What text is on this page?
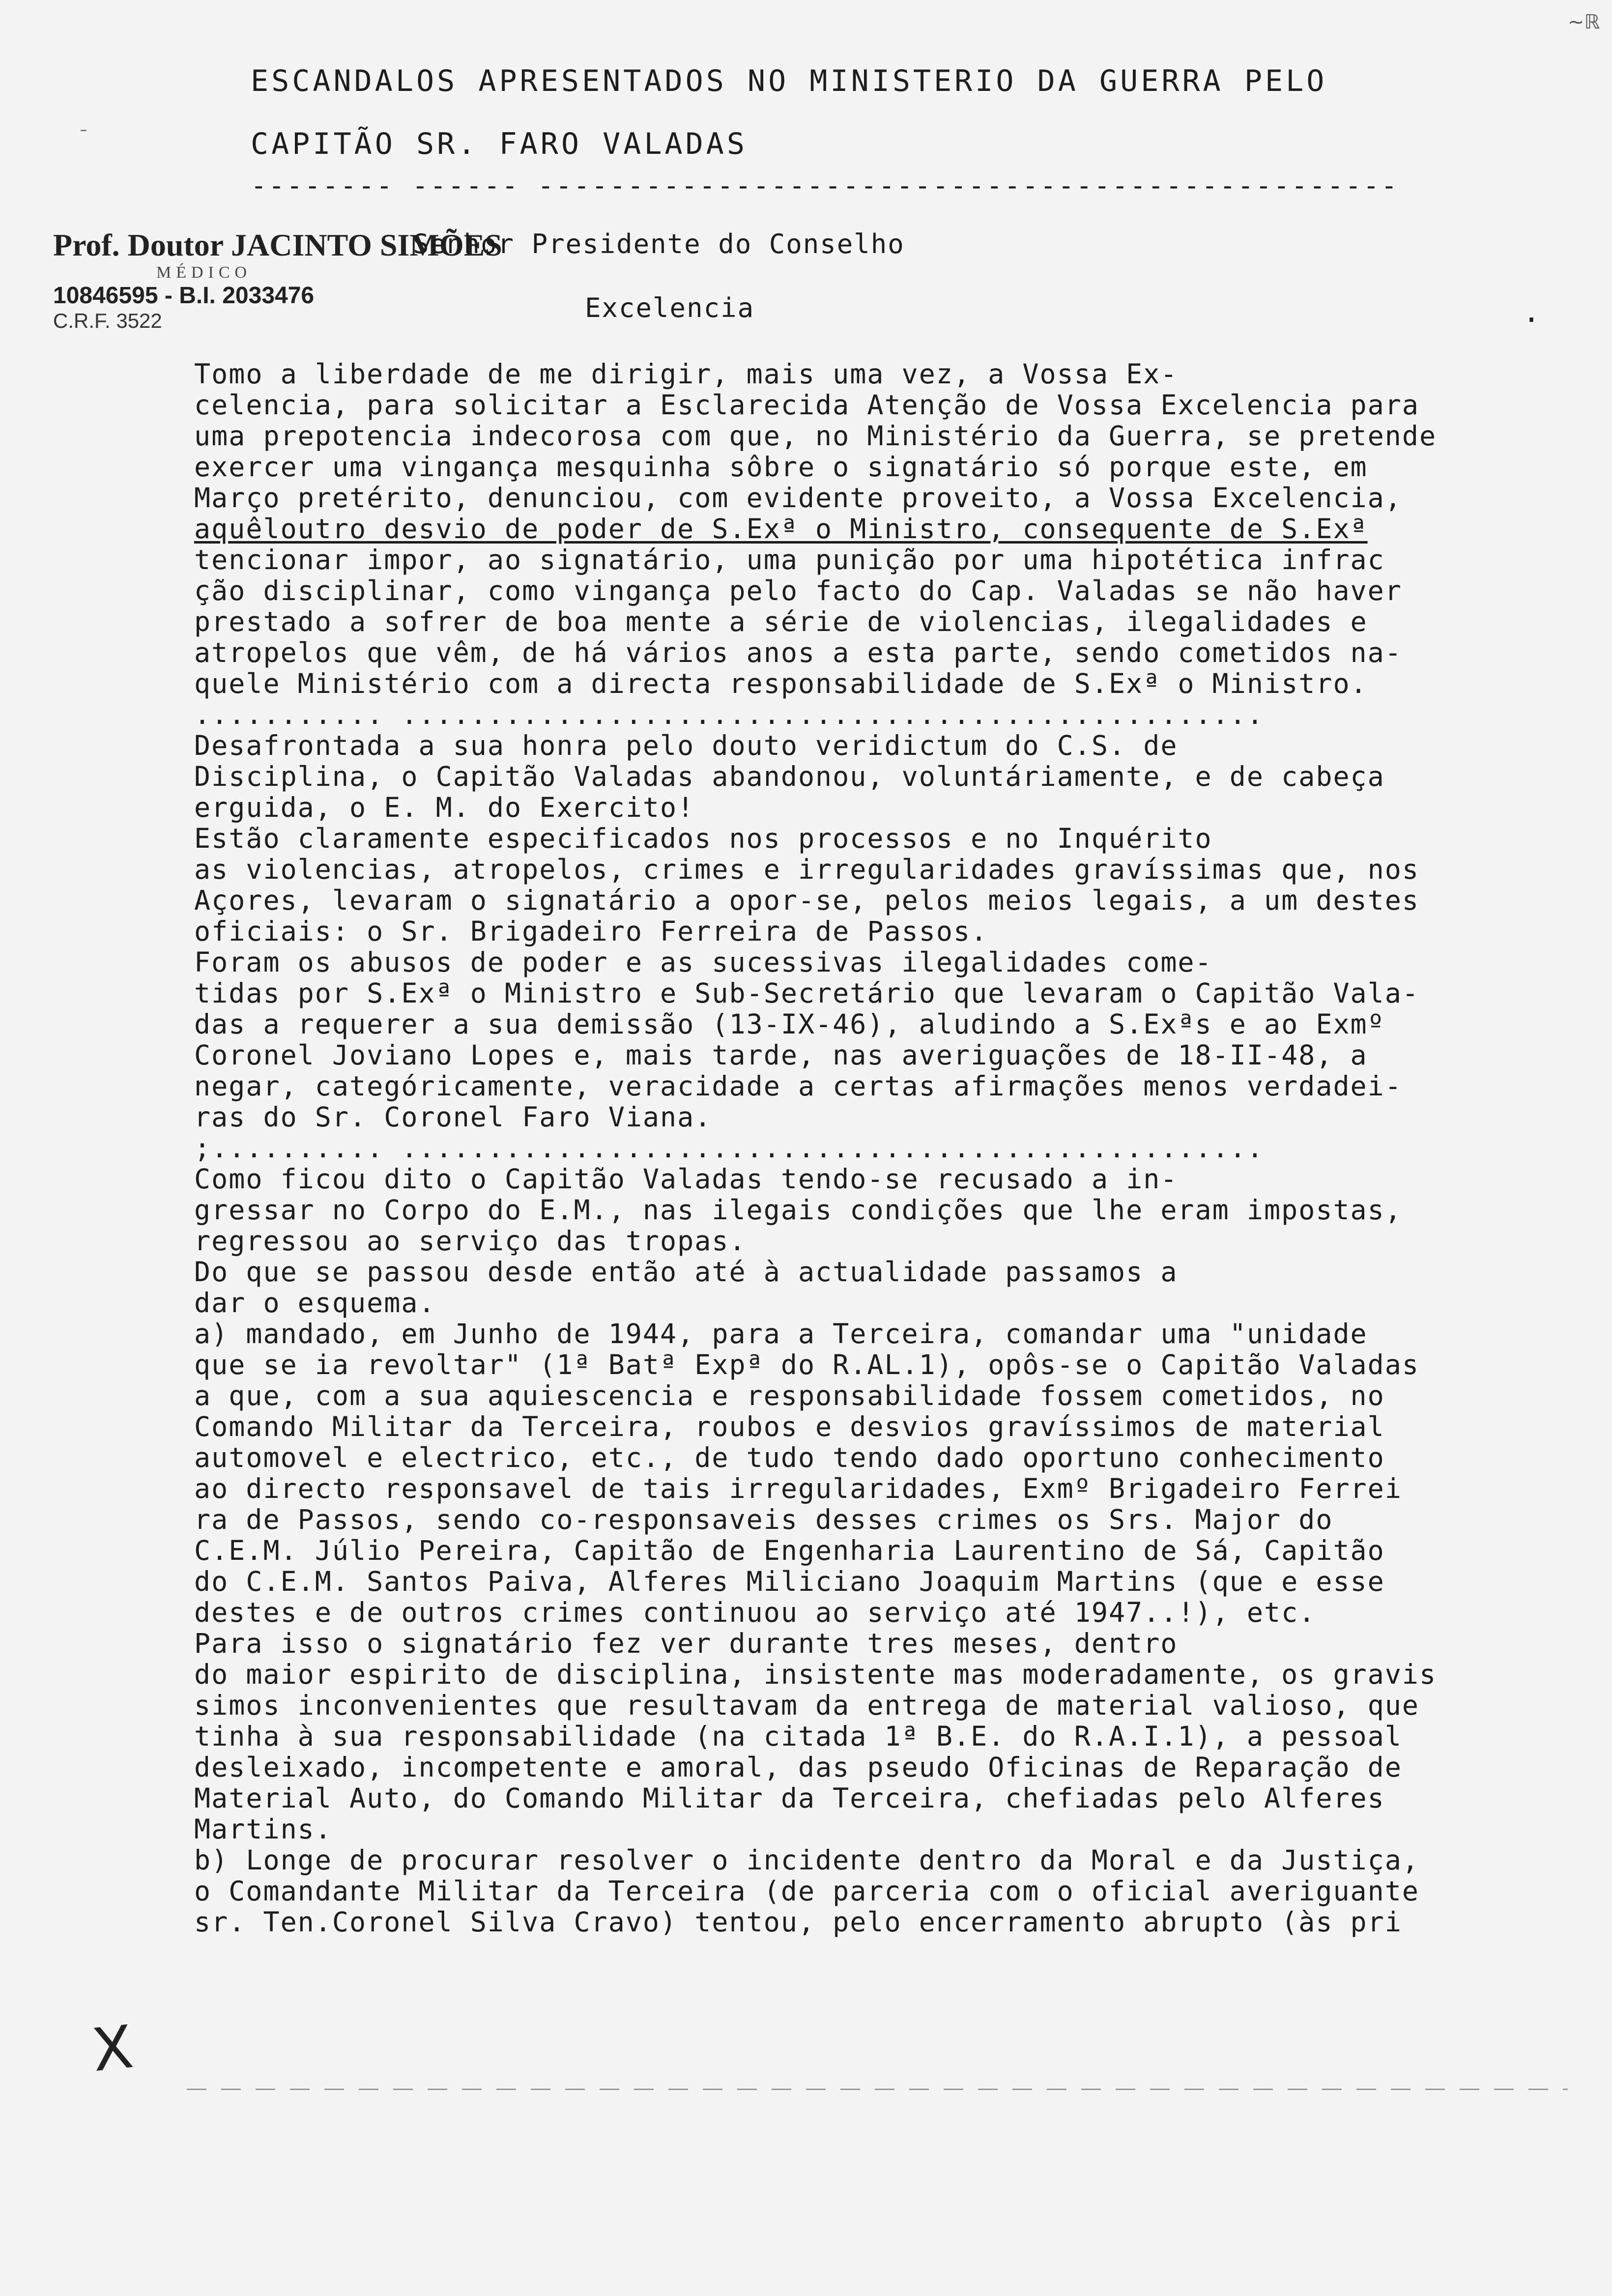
~ℝ
¯
ESCANDALOS APRESENTADOS NO MINISTERIO DA GUERRA PELO
CAPITÃO SR. FARO VALADAS
-------- ------ ------------------------------------------------
Prof. Doutor JACINTO SIMÕES
MÉDICO
10846595 - B.I. 2033476
C.R.F. 3522
Senhor Presidente do Conselho
Excelencia	.
Tomo a liberdade de me dirigir, mais uma vez, a Vossa Ex-
celencia, para solicitar a Esclarecida Atenção de Vossa Excelencia para
uma prepotencia indecorosa com que, no Ministério da Guerra, se pretende
exercer uma vingança mesquinha sôbre o signatário só porque este, em
Março pretérito, denunciou, com evidente proveito, a Vossa Excelencia,
aquêloutro desvio de poder de S.Exª o Ministro, consequente de S.Exª
tencionar impor, ao signatário, uma punição por uma hipotética infrac
ção disciplinar, como vingança pelo facto do Cap. Valadas se não haver
prestado a sofrer de boa mente a série de violencias, ilegalidades e
atropelos que vêm, de há vários anos a esta parte, sendo cometidos na-
quele Ministério com a directa responsabilidade de S.Exª o Ministro.
........... ..................................................
Desafrontada a sua honra pelo douto veridictum do C.S. de
Disciplina, o Capitão Valadas abandonou, voluntáriamente, e de cabeça
erguida, o E. M. do Exercito!
Estão claramente especificados nos processos e no Inquérito
as violencias, atropelos, crimes e irregularidades gravíssimas que, nos
Açores, levaram o signatário a opor-se, pelos meios legais, a um destes
oficiais: o Sr. Brigadeiro Ferreira de Passos.
Foram os abusos de poder e as sucessivas ilegalidades come-
tidas por S.Exª o Ministro e Sub-Secretário que levaram o Capitão Vala-
das a requerer a sua demissão (13-IX-46), aludindo a S.Exªs e ao Exmº
Coronel Joviano Lopes e, mais tarde, nas averiguações de 18-II-48, a
negar, categóricamente, veracidade a certas afirmações menos verdadei-
ras do Sr. Coronel Faro Viana.
;.......... ..................................................
Como ficou dito o Capitão Valadas tendo-se recusado a in-
gressar no Corpo do E.M., nas ilegais condições que lhe eram impostas,
regressou ao serviço das tropas.
Do que se passou desde então até à actualidade passamos a
dar o esquema.
a) mandado, em Junho de 1944, para a Terceira, comandar uma "unidade
que se ia revoltar" (1ª Batª Expª do R.AL.1), opôs-se o Capitão Valadas
a que, com a sua aquiescencia e responsabilidade fossem cometidos, no
Comando Militar da Terceira, roubos e desvios gravíssimos de material
automovel e electrico, etc., de tudo tendo dado oportuno conhecimento
ao directo responsavel de tais irregularidades, Exmº Brigadeiro Ferrei
ra de Passos, sendo co-responsaveis desses crimes os Srs. Major do
C.E.M. Júlio Pereira, Capitão de Engenharia Laurentino de Sá, Capitão
do C.E.M. Santos Paiva, Alferes Miliciano Joaquim Martins (que e esse
destes e de outros crimes continuou ao serviço até 1947..!), etc.
Para isso o signatário fez ver durante tres meses, dentro
do maior espirito de disciplina, insistente mas moderadamente, os gravis
simos inconvenientes que resultavam da entrega de material valioso, que
tinha à sua responsabilidade (na citada 1ª B.E. do R.A.I.1), a pessoal
desleixado, incompetente e amoral, das pseudo Oficinas de Reparação de
Material Auto, do Comando Militar da Terceira, chefiadas pelo Alferes
Martins.
b) Longe de procurar resolver o incidente dentro da Moral e da Justiça,
o Comandante Militar da Terceira (de parceria com o oficial averiguante
sr. Ten.Coronel Silva Cravo) tentou, pelo encerramento abrupto (às pri
X
